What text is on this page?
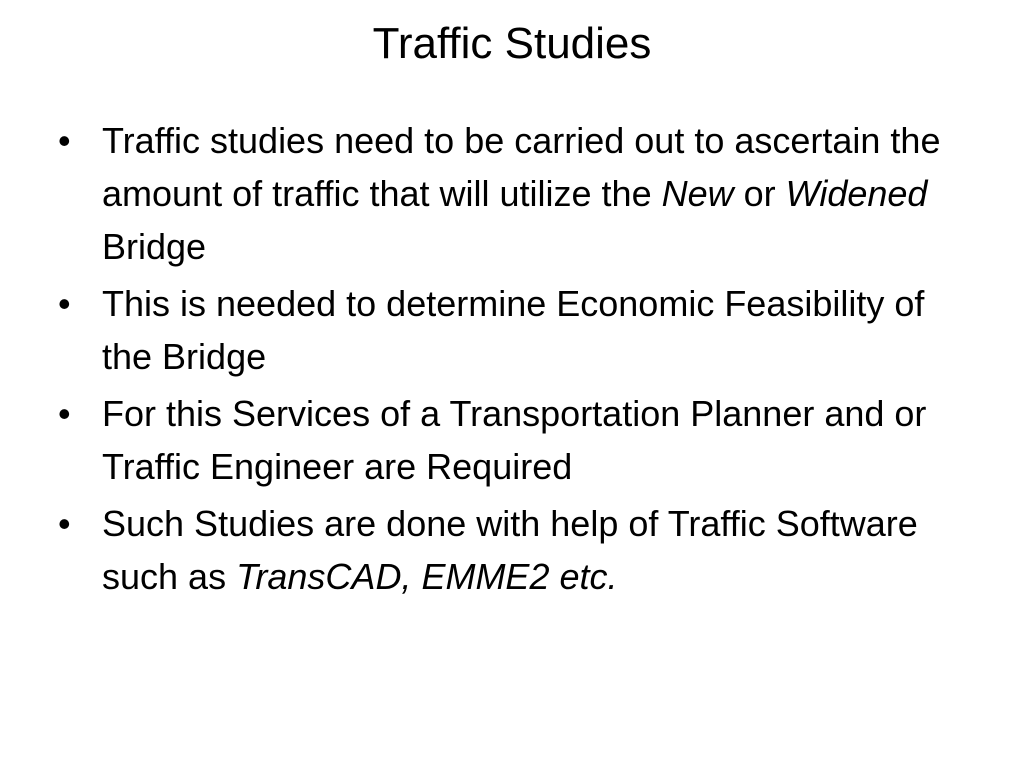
Traffic Studies
• Traffic studies need to be carried out to ascertain the amount of traffic that will utilize the New or Widened Bridge
• This is needed to determine Economic Feasibility of the Bridge
• For this Services of a Transportation Planner and or Traffic Engineer are Required
• Such Studies are done with help of Traffic Software such as TransCAD, EMME2 etc.
